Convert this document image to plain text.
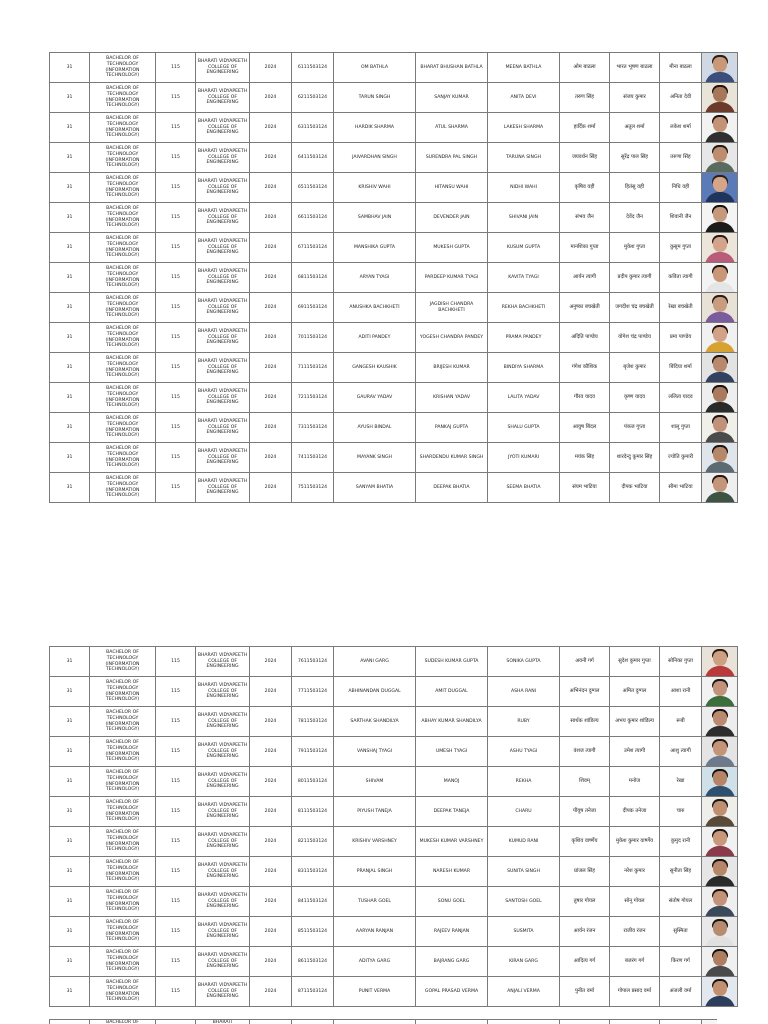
31	BACHELOR OF TECHNOLOGY (INFORMATION TECHNOLOGY)	115	BHARATI VIDYAPEETH COLLEGE OF ENGINEERING	2024	6111503124	OM BATHLA	BHARAT BHUSHAN BATHLA	MEENA BATHLA	ओम बाठला	भारत भूषण बाठला	मीना बाठला	

31	BACHELOR OF TECHNOLOGY (INFORMATION TECHNOLOGY)	115	BHARATI VIDYAPEETH COLLEGE OF ENGINEERING	2024	6211503124	TARUN SINGH	SANJAY KUMAR	ANITA DEVI	तरुण सिंह	संजय कुमार	अनिता देवी	

31	BACHELOR OF TECHNOLOGY (INFORMATION TECHNOLOGY)	115	BHARATI VIDYAPEETH COLLEGE OF ENGINEERING	2024	6311503124	HARDIK SHARMA	ATUL SHARMA	LAKESH SHARMA	हार्दिक शर्मा	अतुल शर्मा	लकेश शर्मा	

31	BACHELOR OF TECHNOLOGY (INFORMATION TECHNOLOGY)	115	BHARATI VIDYAPEETH COLLEGE OF ENGINEERING	2024	6411503124	JAIVARDHAN SINGH	SURENDRA PAL SINGH	TARUNA SINGH	जयवर्धन सिंह	सुरेंद्र पाल सिंह	तरुणा सिंह	

31	BACHELOR OF TECHNOLOGY (INFORMATION TECHNOLOGY)	115	BHARATI VIDYAPEETH COLLEGE OF ENGINEERING	2024	6511503124	KRISHIV WAHI	HITANSU WAHI	NIDHI WAHI	कृषिव वही	हितंसु वही	निधि वही	

31	BACHELOR OF TECHNOLOGY (INFORMATION TECHNOLOGY)	115	BHARATI VIDYAPEETH COLLEGE OF ENGINEERING	2024	6611503124	SAMBHAV JAIN	DEVENDER JAIN	SHIVANI JAIN	संभव जैन	देवेंद जैन	शिवानी जैन	

31	BACHELOR OF TECHNOLOGY (INFORMATION TECHNOLOGY)	115	BHARATI VIDYAPEETH COLLEGE OF ENGINEERING	2024	6711503124	MANSHIKA GUPTA	MUKESH GUPTA	KUSUM GUPTA	मानशिका गुप्ता	मुकेश गुप्ता	कुसुम गुप्ता	

31	BACHELOR OF TECHNOLOGY (INFORMATION TECHNOLOGY)	115	BHARATI VIDYAPEETH COLLEGE OF ENGINEERING	2024	6811503124	ARYAN TYAGI	PARDEEP KUMAR TYAGI	KAVITA TYAGI	आर्यन त्यागी	प्रदीप कुमार त्यागी	कविता त्यागी	

31	BACHELOR OF TECHNOLOGY (INFORMATION TECHNOLOGY)	115	BHARATI VIDYAPEETH COLLEGE OF ENGINEERING	2024	6911503124	ANUSHKA BACHKHETI	JAGDISH CHANDRA BACHKHETI	REKHA BACHKHETI	अनुष्का बचखेती	जगदीश चंद्र बचखेती	रेखा बचखेती	

31	BACHELOR OF TECHNOLOGY (INFORMATION TECHNOLOGY)	115	BHARATI VIDYAPEETH COLLEGE OF ENGINEERING	2024	7011503124	ADITI PANDEY	YOGESH CHANDRA PANDEY	PRAMA PANDEY	अदिति पाण्डेय	योगेश चंद्र पाण्डेय	प्रमा पाण्डेय	

31	BACHELOR OF TECHNOLOGY (INFORMATION TECHNOLOGY)	115	BHARATI VIDYAPEETH COLLEGE OF ENGINEERING	2024	7111503124	GANGESH KAUSHIK	BRIJESH KUMAR	BINDIYA SHARMA	गंगेश कौशिक	बृजेश कुमार	बिंदिया शर्मा	

31	BACHELOR OF TECHNOLOGY (INFORMATION TECHNOLOGY)	115	BHARATI VIDYAPEETH COLLEGE OF ENGINEERING	2024	7211503124	GAURAV YADAV	KRISHAN YADAV	LALITA YADAV	गौरव यादव	कृष्ण यादव	ललिता यादव	

31	BACHELOR OF TECHNOLOGY (INFORMATION TECHNOLOGY)	115	BHARATI VIDYAPEETH COLLEGE OF ENGINEERING	2024	7311503124	AYUSH BINDAL	PANKAJ GUPTA	SHALU GUPTA	आयुष बिंदल	पंकज गुप्ता	शालू गुप्ता	

31	BACHELOR OF TECHNOLOGY (INFORMATION TECHNOLOGY)	115	BHARATI VIDYAPEETH COLLEGE OF ENGINEERING	2024	7411503124	MAYANK SINGH	SHARDENDU KUMAR SINGH	JYOTI KUMARI	मयंक सिंह	शारदेन्दु कुमार सिंह	ज्योति कुमारी	

31	BACHELOR OF TECHNOLOGY (INFORMATION TECHNOLOGY)	115	BHARATI VIDYAPEETH COLLEGE OF ENGINEERING	2024	7511503124	SANYAM BHATIA	DEEPAK BHATIA	SEEMA BHATIA	संयम भाटिया	दीपक भाटिया	सीमा भाटिया	
31	BACHELOR OF TECHNOLOGY (INFORMATION TECHNOLOGY)	115	BHARATI VIDYAPEETH COLLEGE OF ENGINEERING	2024	7611503124	AVANI GARG	SUDESH KUMAR GUPTA	SONIKA GUPTA	अवनी गर्ग	सुदेश कुमार गुप्ता	सोनिका गुप्ता	

31	BACHELOR OF TECHNOLOGY (INFORMATION TECHNOLOGY)	115	BHARATI VIDYAPEETH COLLEGE OF ENGINEERING	2024	7711503124	ABHINANDAN DUGGAL	AMIT DUGGAL	ASHA RANI	अभिनंदन दुग्गल	अमित दुग्गल	आशा रानी	

31	BACHELOR OF TECHNOLOGY (INFORMATION TECHNOLOGY)	115	BHARATI VIDYAPEETH COLLEGE OF ENGINEERING	2024	7811503124	SARTHAK SHANDILYA	ABHAY KUMAR SHANDILYA	RUBY	सार्थक शांडिल्य	अभय कुमार शांडिल्य	रूबी	

31	BACHELOR OF TECHNOLOGY (INFORMATION TECHNOLOGY)	115	BHARATI VIDYAPEETH COLLEGE OF ENGINEERING	2024	7911503124	VANSHAJ TYAGI	UMESH TYAGI	ASHU TYAGI	वंशज त्यागी	उमेश त्यागी	आशु त्यागी	

31	BACHELOR OF TECHNOLOGY (INFORMATION TECHNOLOGY)	115	BHARATI VIDYAPEETH COLLEGE OF ENGINEERING	2024	8011503124	SHIVAM	MANOJ	REKHA	शिवम्	मनोज	रेखा	

31	BACHELOR OF TECHNOLOGY (INFORMATION TECHNOLOGY)	115	BHARATI VIDYAPEETH COLLEGE OF ENGINEERING	2024	8111503124	PIYUSH TANEJA	DEEPAK TANEJA	CHARU	पीयूष तनेजा	दीपक तनेजा	चारु	

31	BACHELOR OF TECHNOLOGY (INFORMATION TECHNOLOGY)	115	BHARATI VIDYAPEETH COLLEGE OF ENGINEERING	2024	8211503124	KRISHIV VARSHNEY	MUKESH KUMAR VARSHNEY	KUMUD RANI	कृशिव वार्ष्णेय	मुकेश कुमार वार्ष्णेय	कुमुद रानी	

31	BACHELOR OF TECHNOLOGY (INFORMATION TECHNOLOGY)	115	BHARATI VIDYAPEETH COLLEGE OF ENGINEERING	2024	8311503124	PRANJAL SINGH	NARESH KUMAR	SUNITA SINGH	प्रांजल सिंह	नरेश कुमार	सुनीता सिंह	

31	BACHELOR OF TECHNOLOGY (INFORMATION TECHNOLOGY)	115	BHARATI VIDYAPEETH COLLEGE OF ENGINEERING	2024	8411503124	TUSHAR GOEL	SONU GOEL	SANTOSH GOEL	तुषार गोयल	सोनू गोयल	संतोष गोयल	

31	BACHELOR OF TECHNOLOGY (INFORMATION TECHNOLOGY)	115	BHARATI VIDYAPEETH COLLEGE OF ENGINEERING	2024	8511503124	AARYAN RANJAN	RAJEEV RANJAN	SUSMITA	आर्यन रंजन	राजीव रंजन	सुस्मिता	

31	BACHELOR OF TECHNOLOGY (INFORMATION TECHNOLOGY)	115	BHARATI VIDYAPEETH COLLEGE OF ENGINEERING	2024	8611503124	ADITYA GARG	BAJRANG GARG	KIRAN GARG	आदित्य गर्ग	बजरंग गर्ग	किरण गर्ग	

31	BACHELOR OF TECHNOLOGY (INFORMATION TECHNOLOGY)	115	BHARATI VIDYAPEETH COLLEGE OF ENGINEERING	2024	8711503124	PUNIT VERMA	GOPAL PRASAD VERMA	ANJALI VERMA	पुनीत वर्मा	गोपाल प्रसाद वर्मा	अंजली वर्मा	
	BACHELOR OF		BHARATI									
